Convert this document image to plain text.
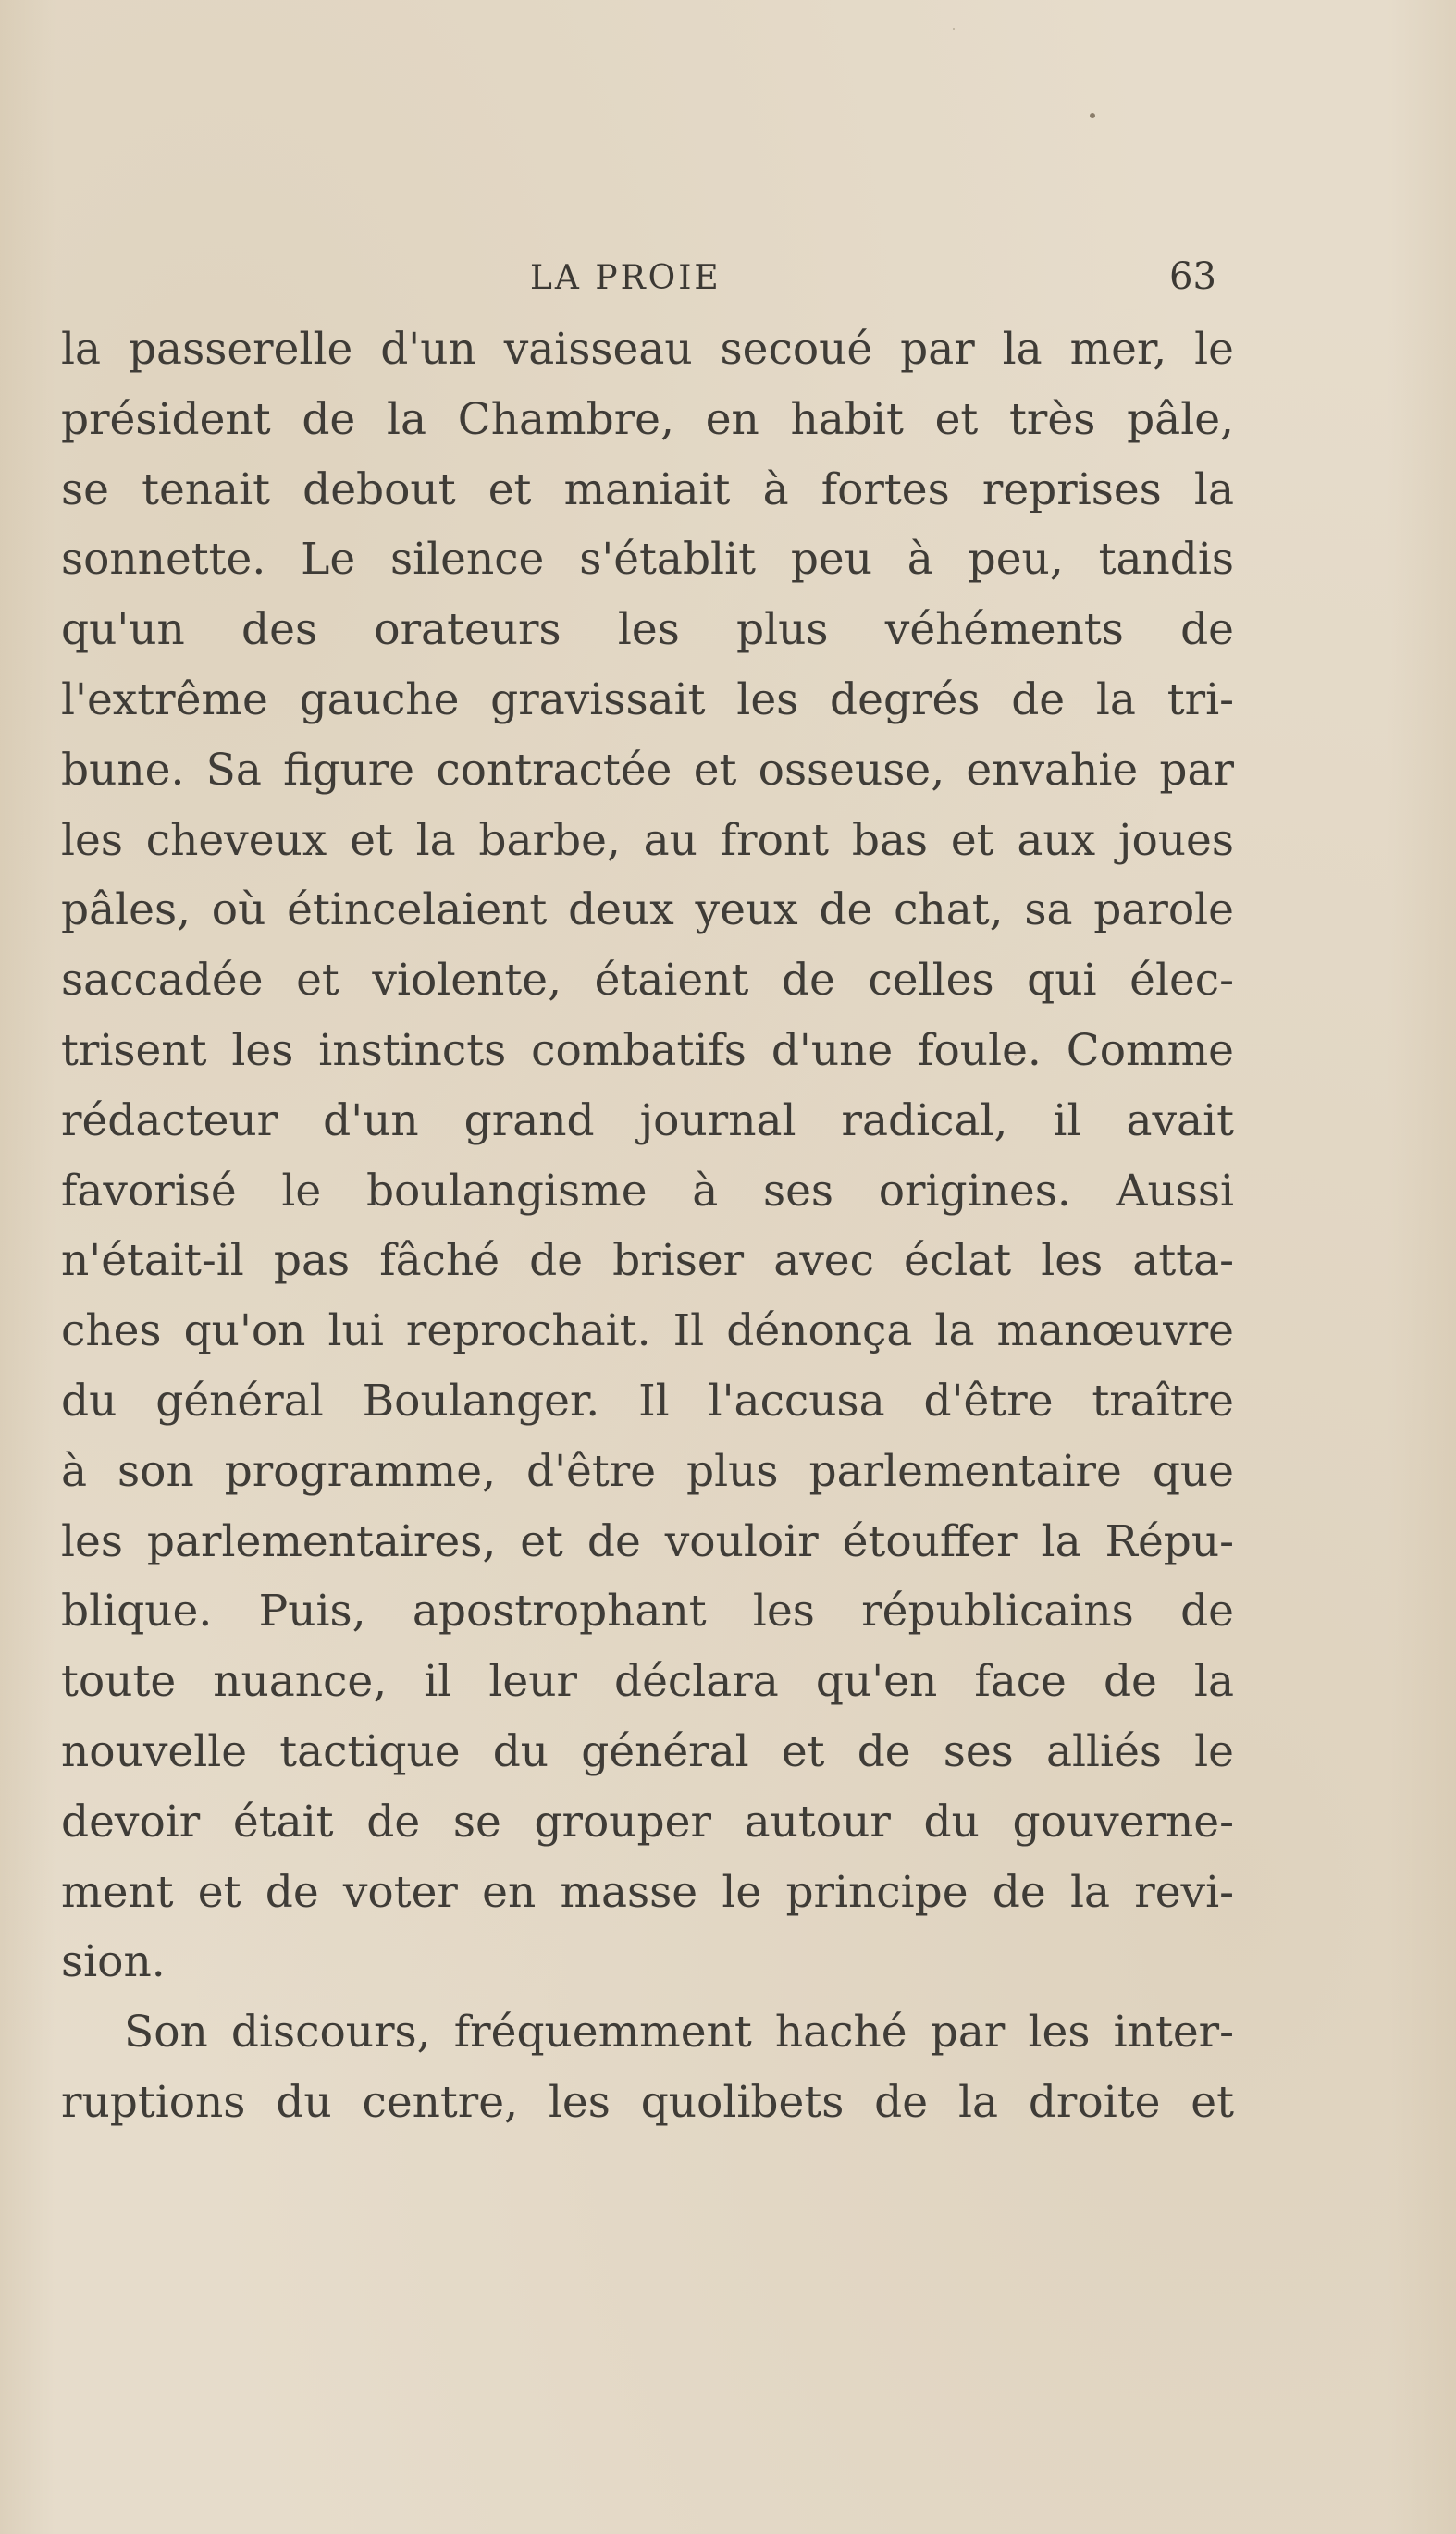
LA PROIE	63
la passerelle d'un vaisseau secoué par la mer, le
président de la Chambre, en habit et très pâle,
se tenait debout et maniait à fortes reprises la
sonnette. Le silence s'établit peu à peu, tandis
qu'un des orateurs les plus véhéments de
l'extrême gauche gravissait les degrés de la tri-
bune. Sa figure contractée et osseuse, envahie par
les cheveux et la barbe, au front bas et aux joues
pâles, où étincelaient deux yeux de chat, sa parole
saccadée et violente, étaient de celles qui élec-
trisent les instincts combatifs d'une foule. Comme
rédacteur d'un grand journal radical, il avait
favorisé le boulangisme à ses origines. Aussi
n'était-il pas fâché de briser avec éclat les atta-
ches qu'on lui reprochait. Il dénonça la manœuvre
du général Boulanger. Il l'accusa d'être traître
à son programme, d'être plus parlementaire que
les parlementaires, et de vouloir étouffer la Répu-
blique. Puis, apostrophant les républicains de
toute nuance, il leur déclara qu'en face de la
nouvelle tactique du général et de ses alliés le
devoir était de se grouper autour du gouverne-
ment et de voter en masse le principe de la revi-
sion.
Son discours, fréquemment haché par les inter-
ruptions du centre, les quolibets de la droite et
